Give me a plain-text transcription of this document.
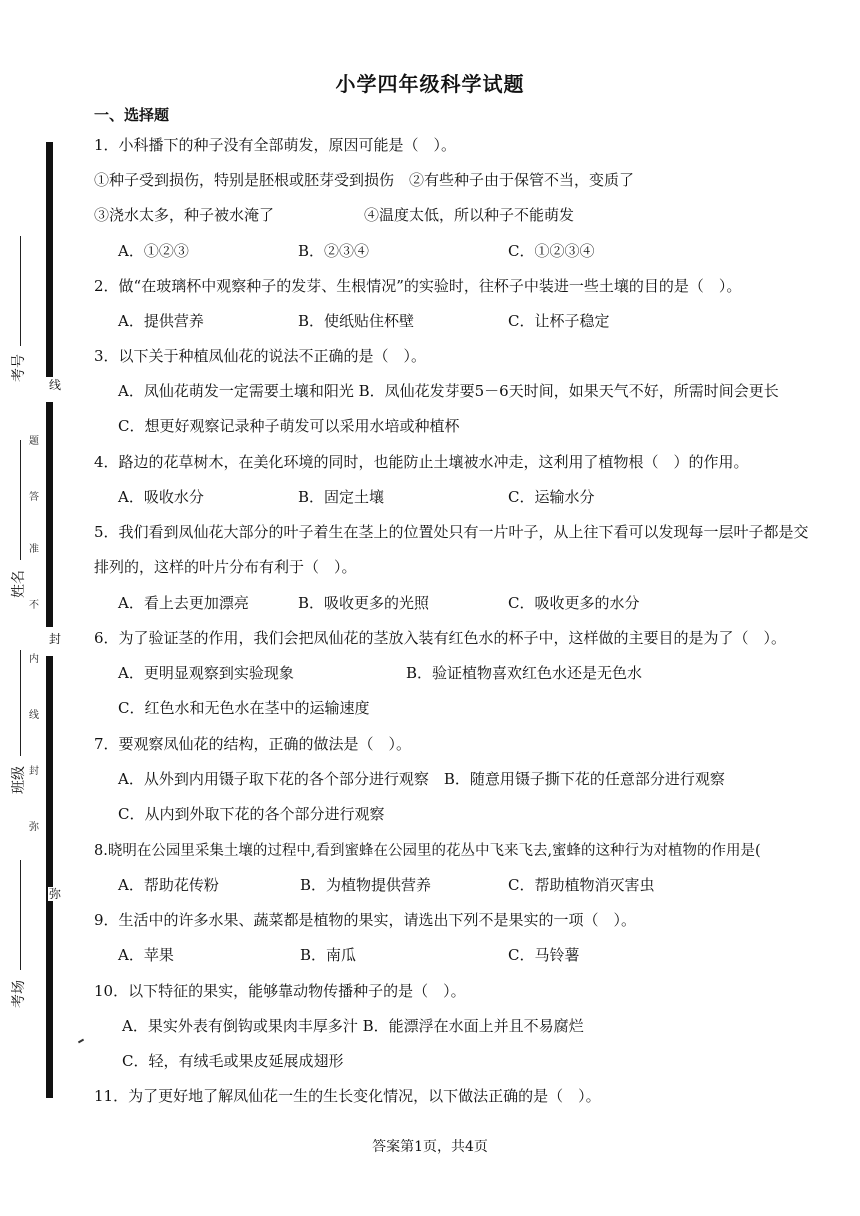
线
封
弥
题
答
准
不
内
线
封
弥
考号
姓名
班级
考场
小学四年级科学试题
一、选择题
1．小科播下的种子没有全部萌发，原因可能是（　）。
①种子受到损伤，特别是胚根或胚芽受到损伤　②有些种子由于保管不当，变质了
③浇水太多，种子被水淹了　　　　　　④温度太低，所以种子不能萌发
A．①②③	B．②③④	C．①②③④
2．做“在玻璃杯中观察种子的发芽、生根情况”的实验时，往杯子中装进一些土壤的目的是（　）。
A．提供营养	B．使纸贴住杯壁	C．让杯子稳定
3．以下关于种植凤仙花的说法不正确的是（　）。
A．凤仙花萌发一定需要土壤和阳光 B．凤仙花发芽要5－6天时间，如果天气不好，所需时间会更长
C．想更好观察记录种子萌发可以采用水培或种植杯
4．路边的花草树木，在美化环境的同时，也能防止土壤被水冲走，这利用了植物根（　）的作用。
A．吸收水分	B．固定土壤	C．运输水分
5．我们看到凤仙花大部分的叶子着生在茎上的位置处只有一片叶子，从上往下看可以发现每一层叶子都是交
排列的，这样的叶片分布有利于（　）。
A．看上去更加漂亮	B．吸收更多的光照	C．吸收更多的水分
6．为了验证茎的作用，我们会把凤仙花的茎放入装有红色水的杯子中，这样做的主要目的是为了（　）。
A．更明显观察到实验现象	B．验证植物喜欢红色水还是无色水
C．红色水和无色水在茎中的运输速度
7．要观察凤仙花的结构，正确的做法是（　）。
A．从外到内用镊子取下花的各个部分进行观察　B．随意用镊子撕下花的任意部分进行观察
C．从内到外取下花的各个部分进行观察
8.晓明在公园里采集土壤的过程中,看到蜜蜂在公园里的花丛中飞来飞去,蜜蜂的这种行为对植物的作用是(
A．帮助花传粉	B．为植物提供营养	C．帮助植物消灭害虫
9．生活中的许多水果、蔬菜都是植物的果实，请选出下列不是果实的一项（　）。
A．苹果	B．南瓜	C．马铃薯
10．以下特征的果实，能够靠动物传播种子的是（　）。
A．果实外表有倒钩或果肉丰厚多汁 B．能漂浮在水面上并且不易腐烂
C．轻，有绒毛或果皮延展成翅形
11．为了更好地了解凤仙花一生的生长变化情况，以下做法正确的是（　）。
答案第1页，共4页
